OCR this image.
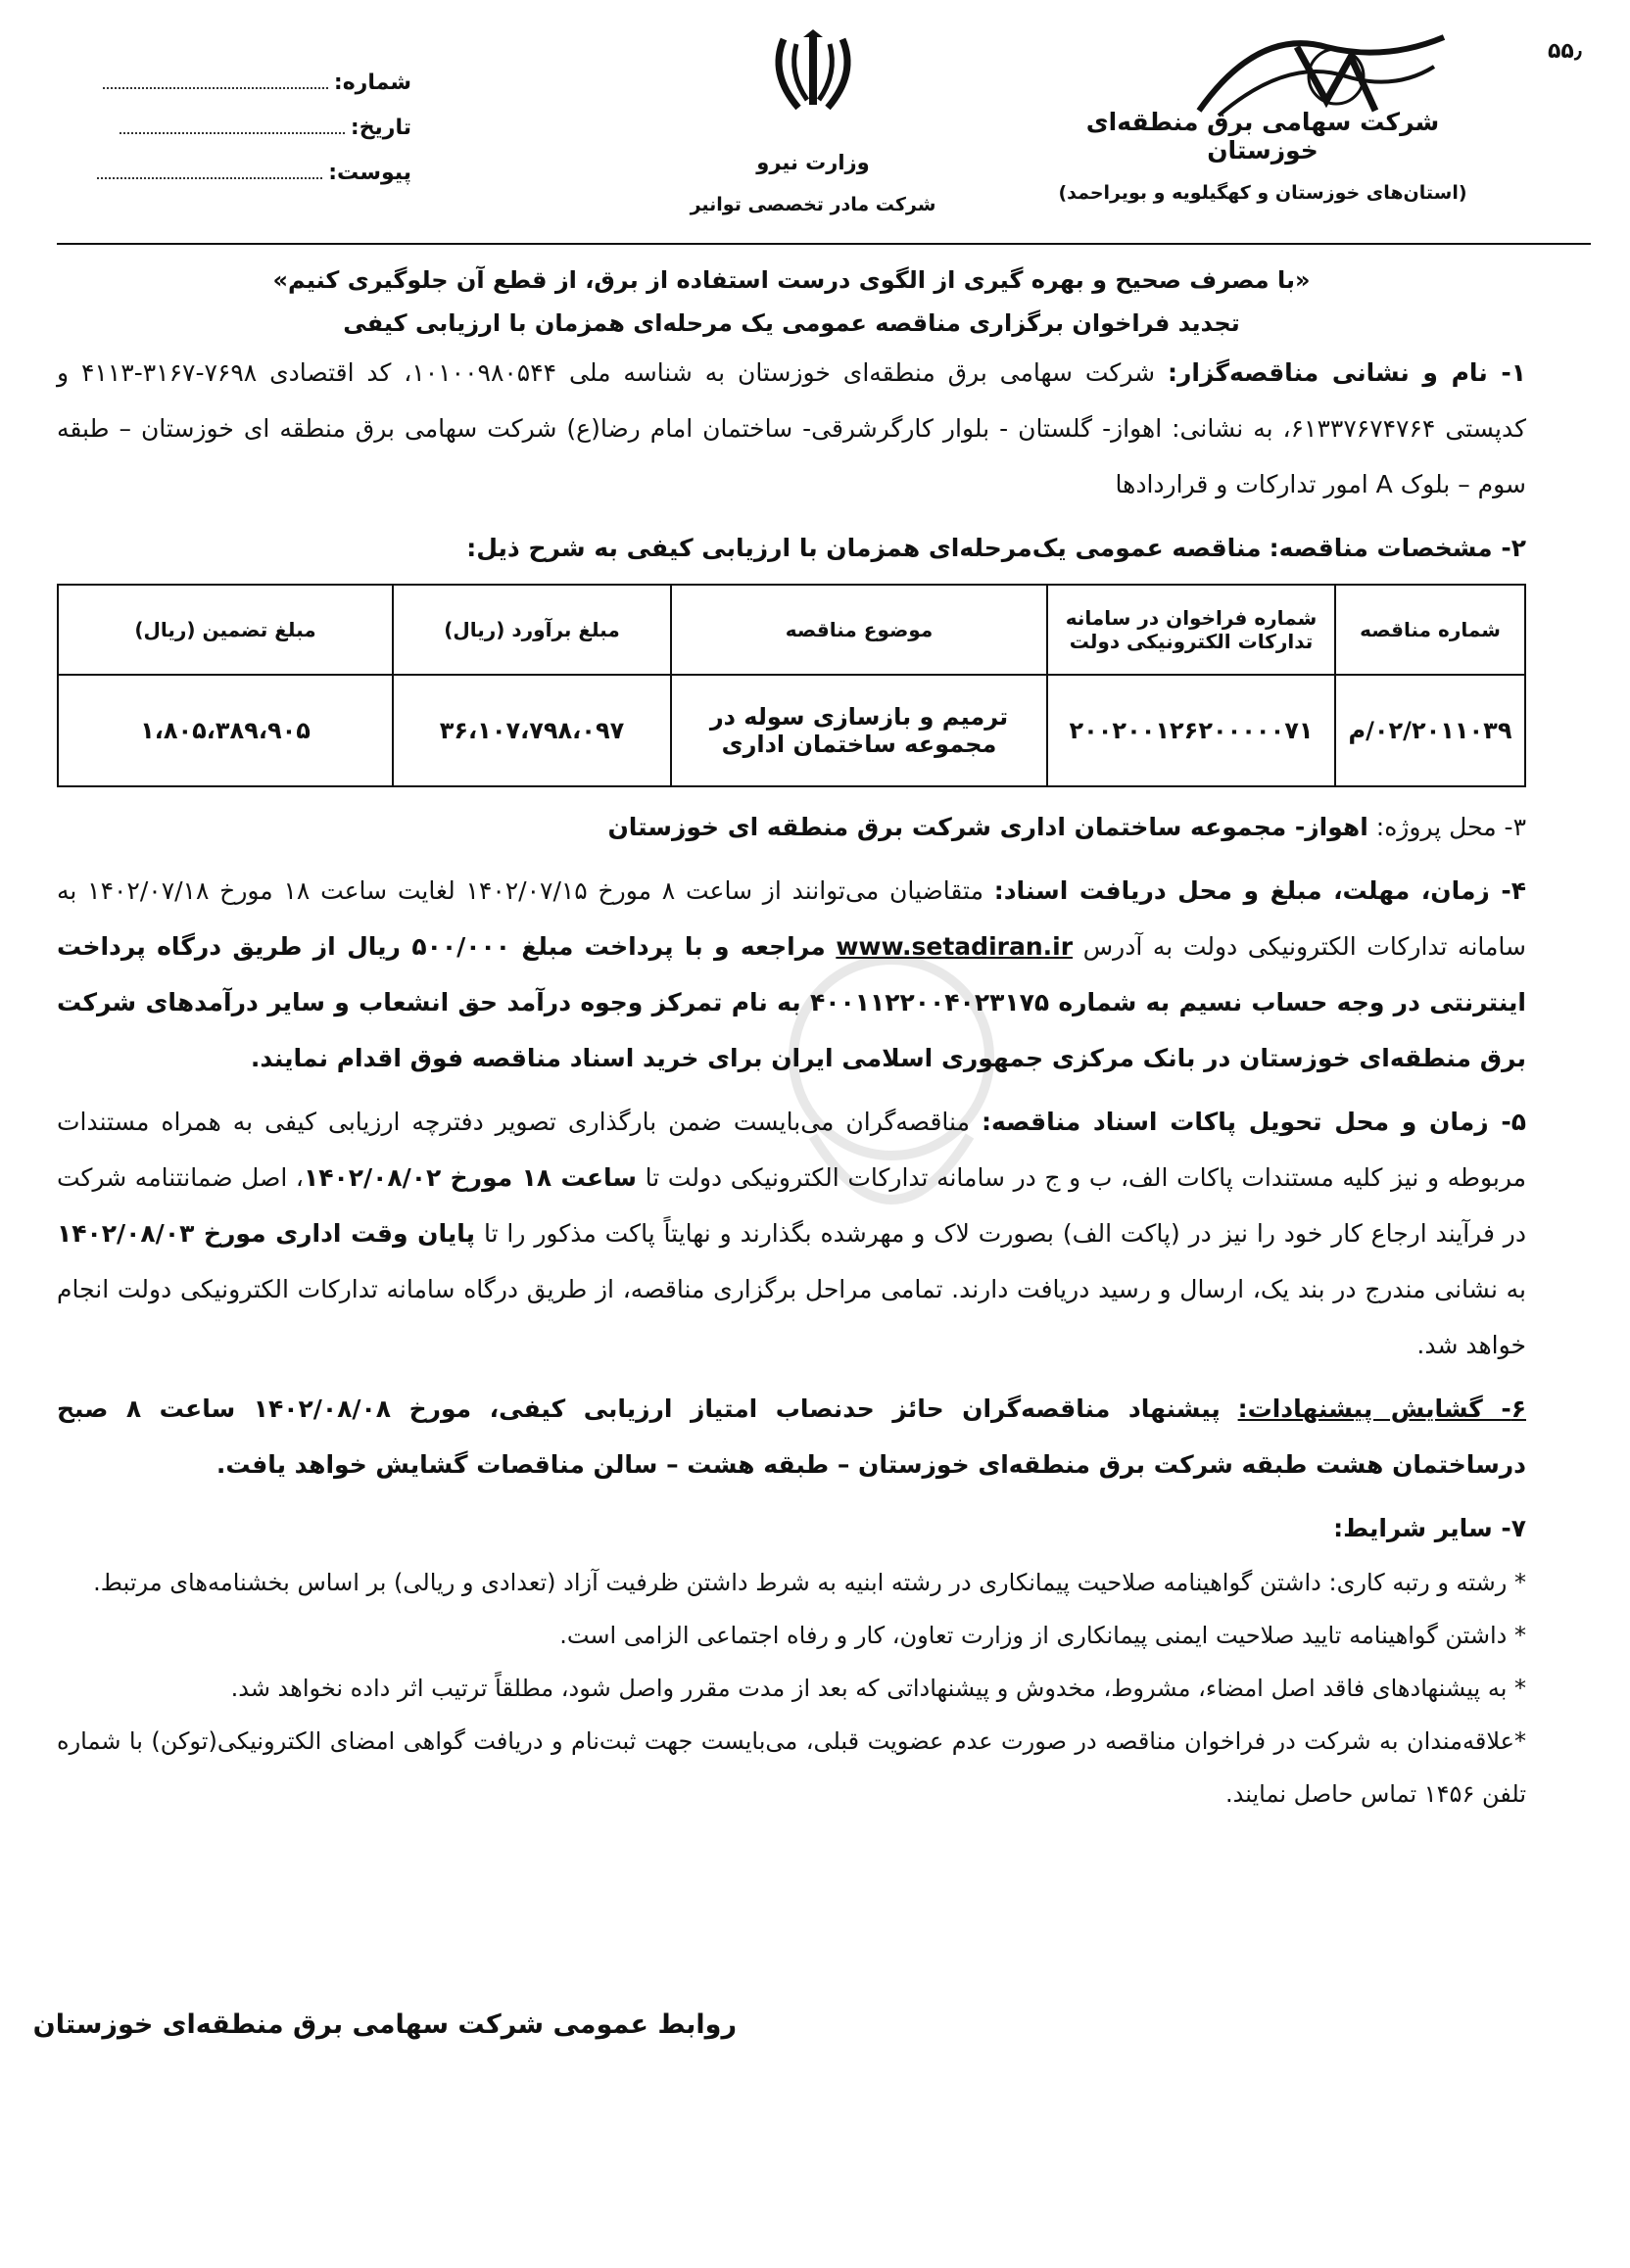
شرکت سهامی برق منطقه‌ای خوزستان
(استان‌های خوزستان و کهگیلویه و بویراحمد)
وزارت نیرو
شرکت مادر تخصصی توانیر
شماره:
تاریخ:
پیوست:
۵۵٫
«با مصرف صحیح و بهره گیری از الگوی درست استفاده از برق، از قطع آن جلوگیری کنیم»
تجدید فراخوان برگزاری مناقصه عمومی یک مرحله‌ای همزمان با ارزیابی کیفی
۱- نام و نشانی مناقصه‌گزار: شرکت سهامی برق منطقه‌ای خوزستان به شناسه ملی ۱۰۱۰۰۹۸۰۵۴۴، کد اقتصادی ۷۶۹۸-۳۱۶۷-۴۱۱۳ و کدپستی ۶۱۳۳۷۶۷۴۷۶۴، به نشانی: اهواز- گلستان - بلوار کارگرشرقی- ساختمان امام رضا(ع) شرکت سهامی برق منطقه ای خوزستان – طبقه سوم – بلوک A امور تدارکات و قراردادها
۲- مشخصات مناقصه: مناقصه عمومی یک‌مرحله‌ای همزمان با ارزیابی کیفی به شرح ذیل:
شماره مناقصه	شماره فراخوان در سامانه تدارکات الکترونیکی دولت	موضوع مناقصه	مبلغ برآورد (ریال)	مبلغ تضمین (ریال)
۰۲/۲۰۱۱۰۳۹/م	۲۰۰۲۰۰۱۲۶۲۰۰۰۰۰۷۱	ترمیم و بازسازی سوله در مجموعه ساختمان اداری	۳۶،۱۰۷،۷۹۸،۰۹۷	۱،۸۰۵،۳۸۹،۹۰۵
۳- محل پروژه: اهواز- مجموعه ساختمان اداری شرکت برق منطقه ای خوزستان
۴- زمان، مهلت، مبلغ و محل دریافت اسناد: متقاضیان می‌توانند از ساعت ۸ مورخ ۱۴۰۲/۰۷/۱۵ لغایت ساعت ۱۸ مورخ ۱۴۰۲/۰۷/۱۸ به سامانه تدارکات الکترونیکی دولت به آدرس www.setadiran.ir مراجعه و با پرداخت مبلغ ۵۰۰/۰۰۰ ریال از طریق درگاه پرداخت اینترنتی در وجه حساب نسیم به شماره ۴۰۰۱۱۲۲۰۰۴۰۲۳۱۷۵ به نام تمرکز وجوه درآمد حق انشعاب و سایر درآمدهای شرکت برق منطقه‌ای خوزستان در بانک مرکزی جمهوری اسلامی ایران برای خرید اسناد مناقصه فوق اقدام نمایند.
۵- زمان و محل تحویل پاکات اسناد مناقصه: مناقصه‌گران می‌بایست ضمن بارگذاری تصویر دفترچه ارزیابی کیفی به همراه مستندات مربوطه و نیز کلیه مستندات پاکات الف، ب و ج در سامانه تدارکات الکترونیکی دولت تا ساعت ۱۸ مورخ ۱۴۰۲/۰۸/۰۲، اصل ضمانتنامه شرکت در فرآیند ارجاع کار خود را نیز در (پاکت الف) بصورت لاک و مهرشده بگذارند و نهایتاً پاکت مذکور را تا پایان وقت اداری مورخ ۱۴۰۲/۰۸/۰۳ به نشانی مندرج در بند یک، ارسال و رسید دریافت دارند. تمامی مراحل برگزاری مناقصه، از طریق درگاه سامانه تدارکات الکترونیکی دولت انجام خواهد شد.
۶- گشایش پیشنهادات: پیشنهاد مناقصه‌گران حائز حدنصاب امتیاز ارزیابی کیفی، مورخ ۱۴۰۲/۰۸/۰۸ ساعت ۸ صبح درساختمان هشت طبقه شرکت برق منطقه‌ای خوزستان – طبقه هشت – سالن مناقصات گشایش خواهد یافت.
۷- سایر شرایط:
* رشته و رتبه کاری: داشتن گواهینامه صلاحیت پیمانکاری در رشته ابنیه به شرط داشتن ظرفیت آزاد (تعدادی و ریالی) بر اساس بخشنامه‌های مرتبط.
* داشتن گواهینامه تایید صلاحیت ایمنی پیمانکاری از وزارت تعاون، کار و رفاه اجتماعی الزامی است.
* به پیشنهادهای فاقد اصل امضاء، مشروط، مخدوش و پیشنهاداتی که بعد از مدت مقرر واصل شود، مطلقاً ترتیب اثر داده نخواهد شد.
*علاقه‌مندان به شرکت در فراخوان مناقصه در صورت عدم عضویت قبلی، می‌بایست جهت ثبت‌نام و دریافت گواهی امضای الکترونیکی(توکن) با شماره تلفن ۱۴۵۶ تماس حاصل نمایند.
روابط عمومی شرکت سهامی برق منطقه‌ای خوزستان
